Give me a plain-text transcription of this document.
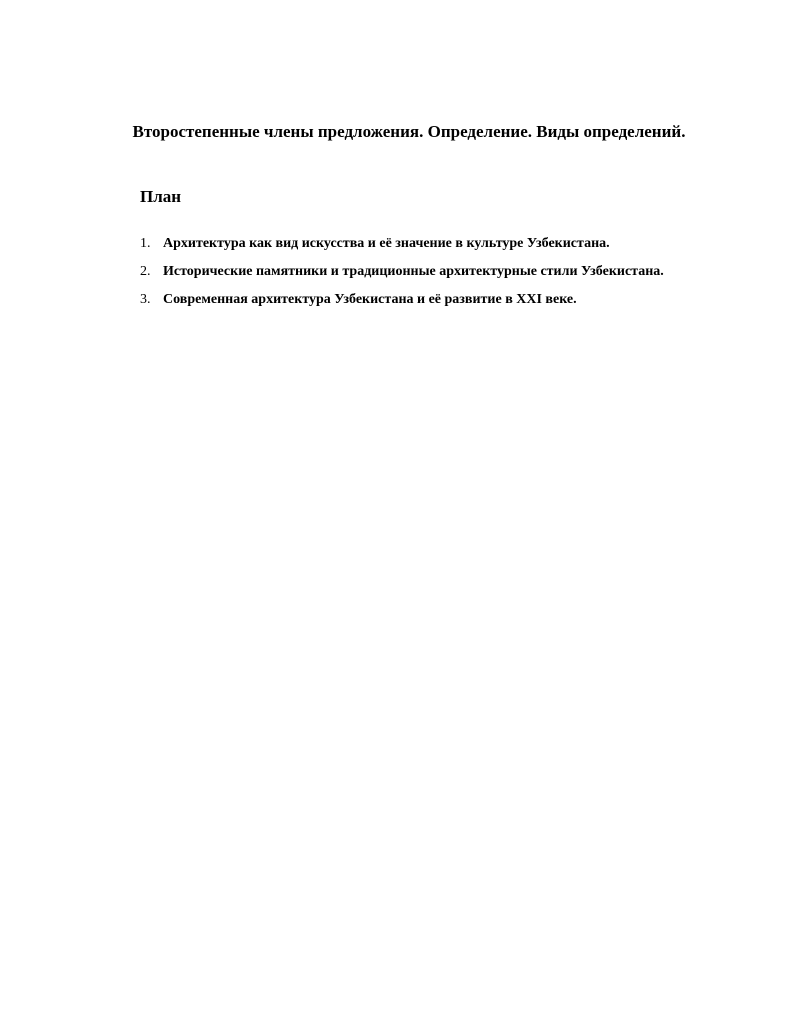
Второстепенные члены предложения. Определение. Виды определений.
План
1. Архитектура как вид искусства и её значение в культуре Узбекистана.
2. Исторические памятники и традиционные архитектурные стили Узбекистана.
3. Современная архитектура Узбекистана и её развитие в XXI веке.
